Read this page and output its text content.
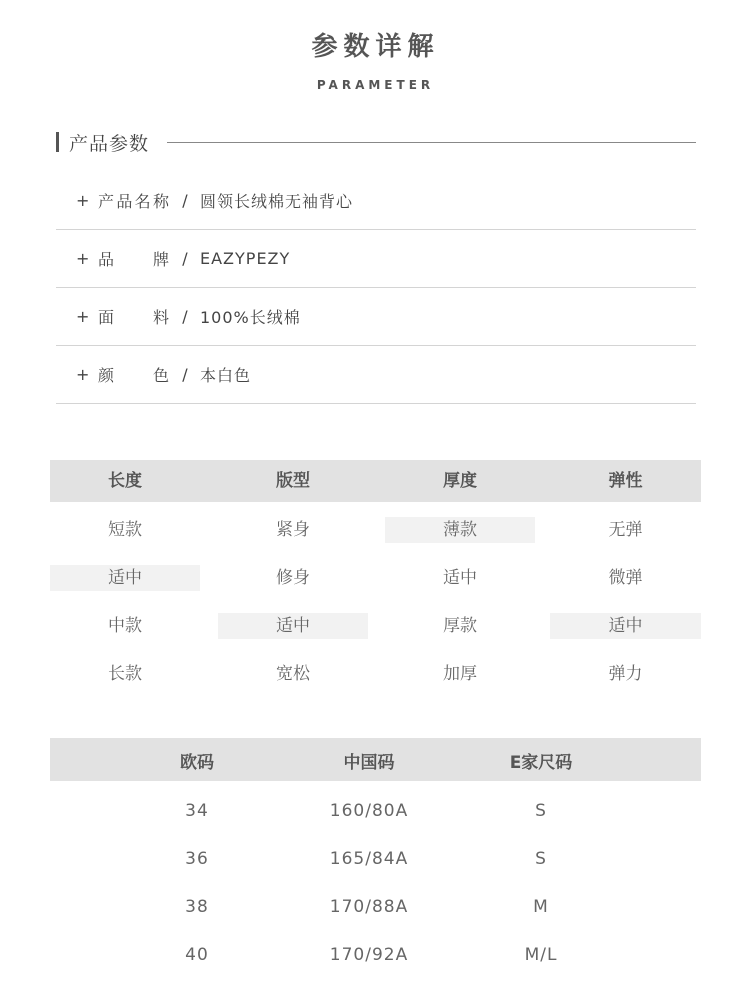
参数详解
PARAMETER
产品参数
+ 产品名称 / 圆领长绒棉无袖背心
+ 品牌 / EAZYPEZY
+ 面料 / 100%长绒棉
+ 颜色 / 本白色
长度	版型	厚度	弹性
短款	紧身	薄款	无弹
适中	修身	适中	微弹
中款	适中	厚款	适中
长款	宽松	加厚	弹力
欧码	中国码	E家尺码
34	160/80A	S
36	165/84A	S
38	170/88A	M
40	170/92A	M/L
